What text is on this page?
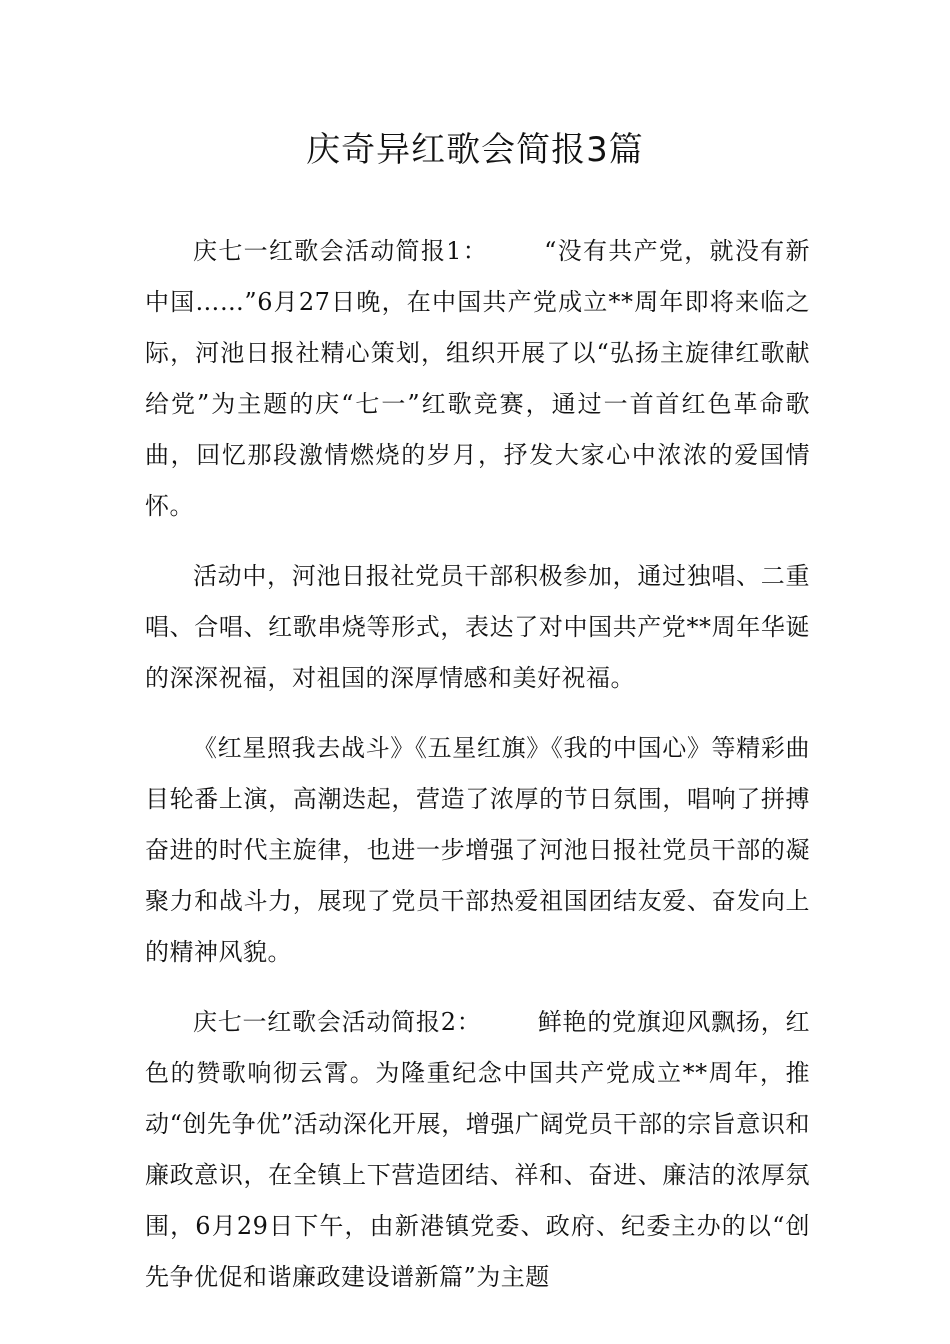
庆奇异红歌会简报3篇

庆七一红歌会活动简报1： “没有共产党，就没有新中国……”6月27日晚，在中国共产党成立**周年即将来临之际，河池日报社精心策划，组织开展了以“弘扬主旋律红歌献给党”为主题的庆“七一”红歌竞赛，通过一首首红色革命歌曲，回忆那段激情燃烧的岁月，抒发大家心中浓浓的爱国情怀。

活动中，河池日报社党员干部积极参加，通过独唱、二重唱、合唱、红歌串烧等形式，表达了对中国共产党**周年华诞的深深祝福，对祖国的深厚情感和美好祝福。

《红星照我去战斗》《五星红旗》《我的中国心》等精彩曲目轮番上演，高潮迭起，营造了浓厚的节日氛围，唱响了拼搏奋进的时代主旋律，也进一步增强了河池日报社党员干部的凝聚力和战斗力，展现了党员干部热爱祖国团结友爱、奋发向上的精神风貌。

庆七一红歌会活动简报2： 鲜艳的党旗迎风飘扬，红色的赞歌响彻云霄。为隆重纪念中国共产党成立**周年，推动“创先争优”活动深化开展，增强广阔党员干部的宗旨意识和廉政意识，在全镇上下营造团结、祥和、奋进、廉洁的浓厚氛围，6月29日下午，由新港镇党委、政府、纪委主办的以“创先争优促和谐廉政建设谱新篇”为主题
